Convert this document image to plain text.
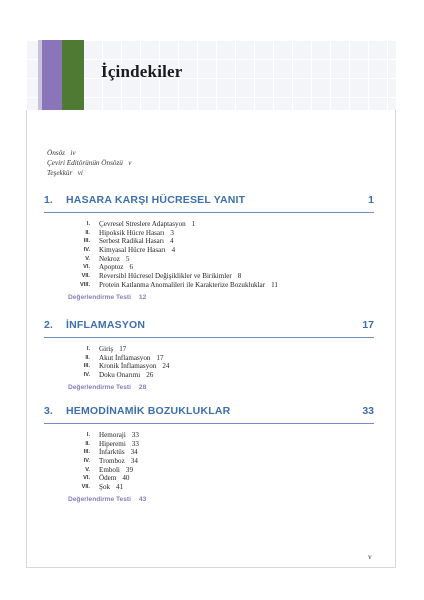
İçindekiler
Önsöz iv
Çeviri Editörünün Önsözü v
Teşekkür vi
1. HASARA KARŞI HÜCRESEL YANIT	1
I. Çevresel Streslere Adaptasyon 1
II. Hipoksik Hücre Hasarı 3
III. Serbest Radikal Hasarı 4
IV. Kimyasal Hücre Hasarı 4
V. Nekroz 5
VI. Apoptoz 6
VII. Reversibl Hücresel Değişiklikler ve Birikimler 8
VIII. Protein Katlanma Anomalileri ile Karakterize Bozukluklar 11
Değerlendirme Testi 12
2. İNFLAMASYON	17
I. Giriş 17
II. Akut İnflamasyon 17
III. Kronik İnflamasyon 24
IV. Doku Onarımı 26
Değerlendirme Testi 28
3. HEMODİNAMİK BOZUKLUKLAR	33
I. Hemoraji 33
II. Hiperemi 33
III. İnfarktüs 34
IV. Tromboz 34
V. Emboli 39
VI. Ödem 40
VII. Şok 41
Değerlendirme Testi 43
v
